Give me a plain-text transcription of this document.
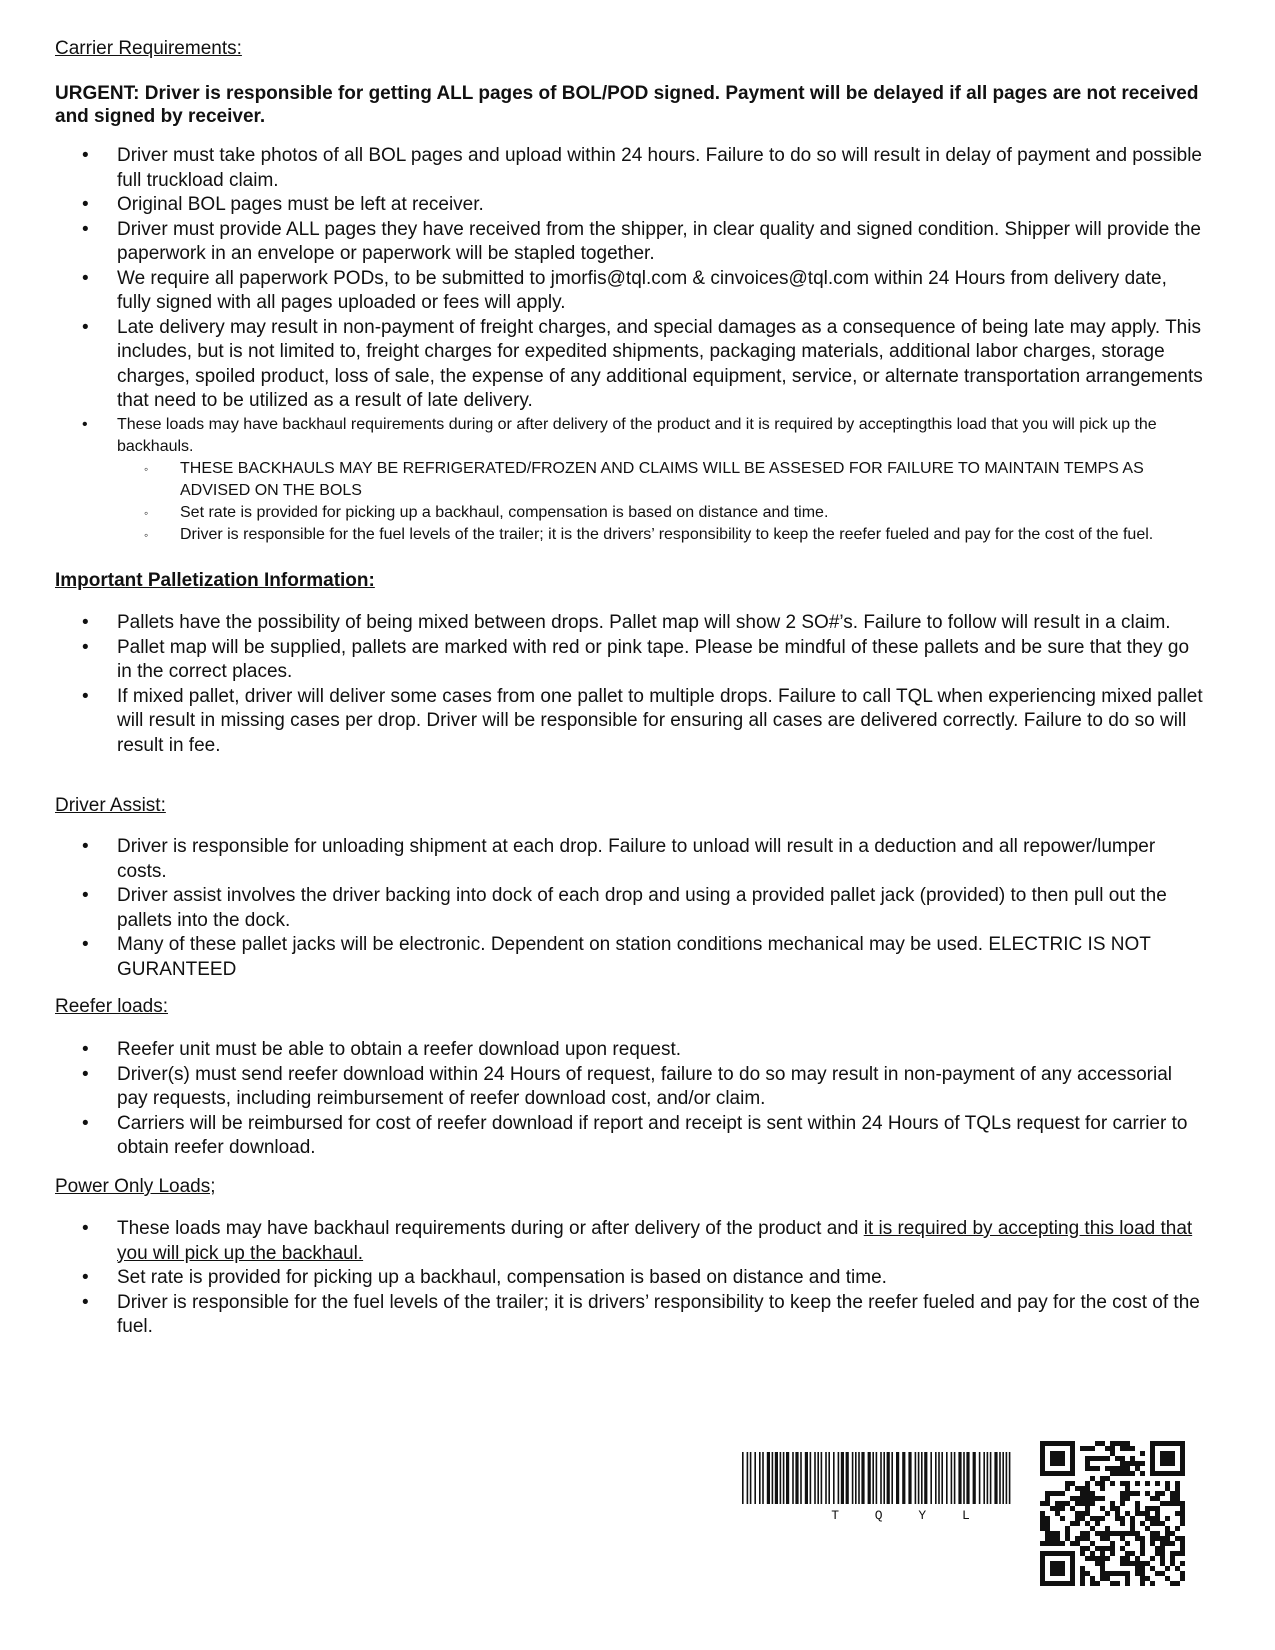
Carrier Requirements:

URGENT: Driver is responsible for getting ALL pages of BOL/POD signed. Payment will be delayed if all pages are not received and signed by receiver.

• Driver must take photos of all BOL pages and upload within 24 hours. Failure to do so will result in delay of payment and possible full truckload claim.
• Original BOL pages must be left at receiver.
• Driver must provide ALL pages they have received from the shipper, in clear quality and signed condition. Shipper will provide the paperwork in an envelope or paperwork will be stapled together.
• We require all paperwork PODs, to be submitted to jmorfis@tql.com & cinvoices@tql.com within 24 Hours from delivery date, fully signed with all pages uploaded or fees will apply.
• Late delivery may result in non-payment of freight charges, and special damages as a consequence of being late may apply. This includes, but is not limited to, freight charges for expedited shipments, packaging materials, additional labor charges, storage charges, spoiled product, loss of sale, the expense of any additional equipment, service, or alternate transportation arrangements that need to be utilized as a result of late delivery.
• These loads may have backhaul requirements during or after delivery of the product and it is required by acceptingthis load that you will pick up the backhauls.
◦ THESE BACKHAULS MAY BE REFRIGERATED/FROZEN AND CLAIMS WILL BE ASSESED FOR FAILURE TO MAINTAIN TEMPS AS ADVISED ON THE BOLS
◦ Set rate is provided for picking up a backhaul, compensation is based on distance and time.
◦ Driver is responsible for the fuel levels of the trailer; it is the drivers’ responsibility to keep the reefer fueled and pay for the cost of the fuel.
Important Palletization Information:
• Pallets have the possibility of being mixed between drops. Pallet map will show 2 SO#’s. Failure to follow will result in a claim.
• Pallet map will be supplied, pallets are marked with red or pink tape. Please be mindful of these pallets and be sure that they go in the correct places.
• If mixed pallet, driver will deliver some cases from one pallet to multiple drops. Failure to call TQL when experiencing mixed pallet will result in missing cases per drop. Driver will be responsible for ensuring all cases are delivered correctly. Failure to do so will result in fee.
Driver Assist:
• Driver is responsible for unloading shipment at each drop. Failure to unload will result in a deduction and all repower/lumper costs.
• Driver assist involves the driver backing into dock of each drop and using a provided pallet jack (provided) to then pull out the pallets into the dock.
• Many of these pallet jacks will be electronic. Dependent on station conditions mechanical may be used. ELECTRIC IS NOT GURANTEED
Reefer loads:
• Reefer unit must be able to obtain a reefer download upon request.
• Driver(s) must send reefer download within 24 Hours of request, failure to do so may result in non-payment of any accessorial pay requests, including reimbursement of reefer download cost, and/or claim.
• Carriers will be reimbursed for cost of reefer download if report and receipt is sent within 24 Hours of TQLs request for carrier to obtain reefer download.
Power Only Loads;
• These loads may have backhaul requirements during or after delivery of the product and it is required by accepting this load that you will pick up the backhaul.
• Set rate is provided for picking up a backhaul, compensation is based on distance and time.
• Driver is responsible for the fuel levels of the trailer; it is drivers’ responsibility to keep the reefer fueled and pay for the cost of the fuel.
T Q Y L
